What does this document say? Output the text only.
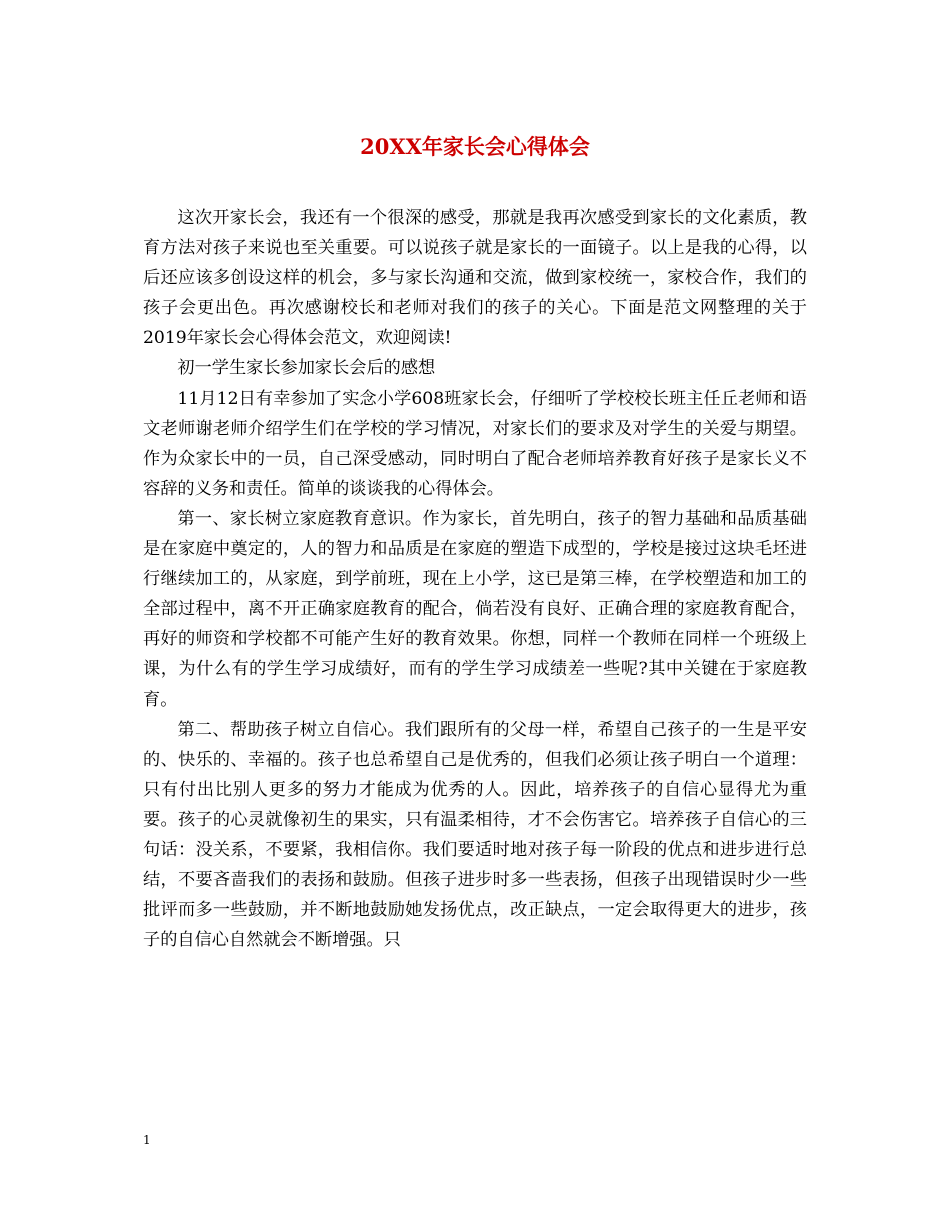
20XX年家长会心得体会

这次开家长会，我还有一个很深的感受，那就是我再次感受到家长的文化素质，教育方法对孩子来说也至关重要。可以说孩子就是家长的一面镜子。以上是我的心得，以后还应该多创设这样的机会，多与家长沟通和交流，做到家校统一，家校合作，我们的孩子会更出色。再次感谢校长和老师对我们的孩子的关心。下面是范文网整理的关于2019年家长会心得体会范文，欢迎阅读!

初一学生家长参加家长会后的感想

11月12日有幸参加了实念小学608班家长会，仔细听了学校校长班主任丘老师和语文老师谢老师介绍学生们在学校的学习情况，对家长们的要求及对学生的关爱与期望。作为众家长中的一员，自己深受感动，同时明白了配合老师培养教育好孩子是家长义不容辞的义务和责任。简单的谈谈我的心得体会。

第一、家长树立家庭教育意识。作为家长，首先明白，孩子的智力基础和品质基础是在家庭中奠定的，人的智力和品质是在家庭的塑造下成型的，学校是接过这块毛坯进行继续加工的，从家庭，到学前班，现在上小学，这已是第三棒，在学校塑造和加工的全部过程中，离不开正确家庭教育的配合，倘若没有良好、正确合理的家庭教育配合，再好的师资和学校都不可能产生好的教育效果。你想，同样一个教师在同样一个班级上课，为什么有的学生学习成绩好，而有的学生学习成绩差一些呢?其中关键在于家庭教育。

第二、帮助孩子树立自信心。我们跟所有的父母一样，希望自己孩子的一生是平安的、快乐的、幸福的。孩子也总希望自己是优秀的，但我们必须让孩子明白一个道理：只有付出比别人更多的努力才能成为优秀的人。因此，培养孩子的自信心显得尤为重要。孩子的心灵就像初生的果实，只有温柔相待，才不会伤害它。培养孩子自信心的三句话：没关系，不要紧，我相信你。我们要适时地对孩子每一阶段的优点和进步进行总结，不要吝啬我们的表扬和鼓励。但孩子进步时多一些表扬，但孩子出现错误时少一些批评而多一些鼓励，并不断地鼓励她发扬优点，改正缺点，一定会取得更大的进步，孩子的自信心自然就会不断增强。只

1
